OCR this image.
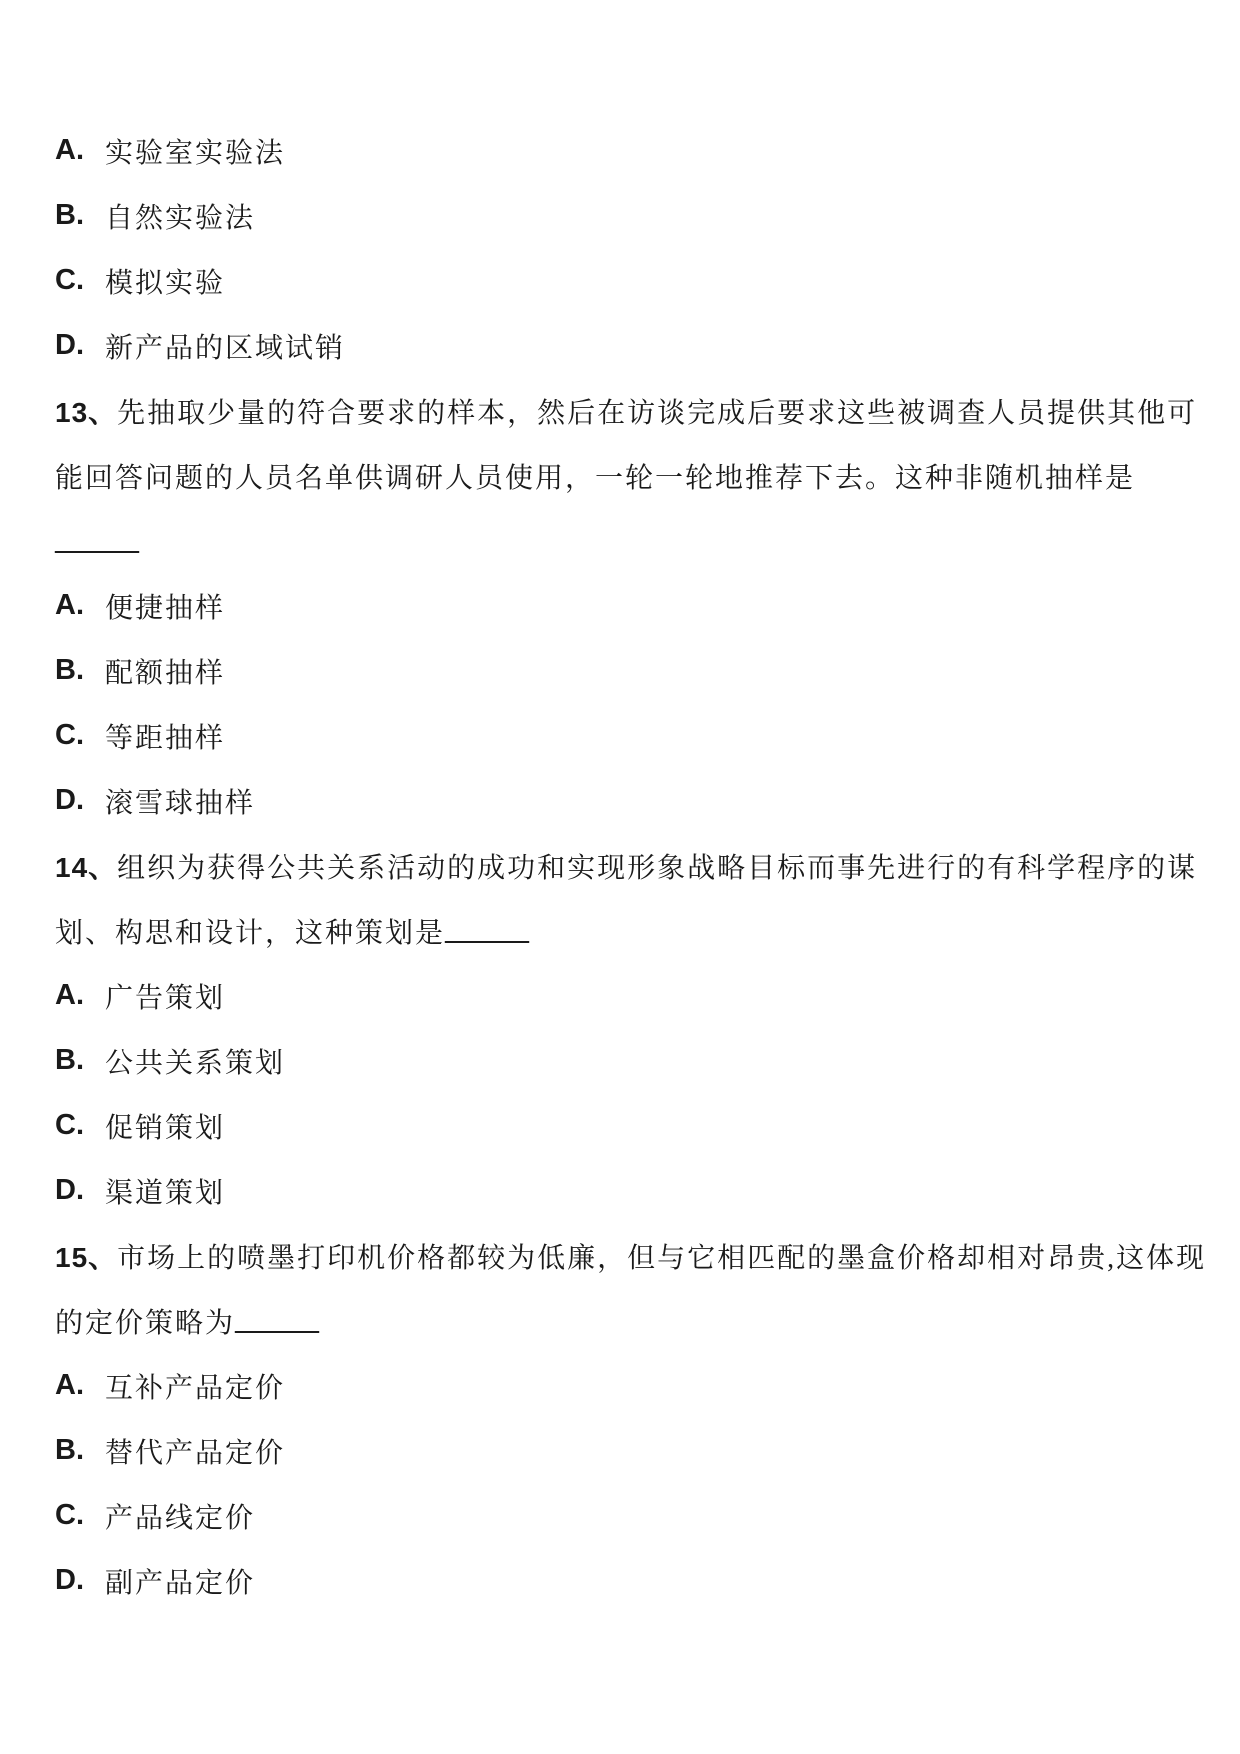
A. 实验室实验法
B. 自然实验法
C. 模拟实验
D. 新产品的区域试销
13、 先抽取少量的符合要求的样本，然后在访谈完成后要求这些被调查人员提供其他可
能回答问题的人员名单供调研人员使用，一轮一轮地推荐下去。这种非随机抽样是
______
A. 便捷抽样
B. 配额抽样
C. 等距抽样
D. 滚雪球抽样
14、 组织为获得公共关系活动的成功和实现形象战略目标而事先进行的有科学程序的谋
划、构思和设计，这种策划是 ______
A. 广告策划
B. 公共关系策划
C. 促销策划
D. 渠道策划
15、 市场上的喷墨打印机价格都较为低廉，但与它相匹配的墨盒价格却相对昂贵,这体现
的定价策略为 ______
A. 互补产品定价
B. 替代产品定价
C. 产品线定价
D. 副产品定价
